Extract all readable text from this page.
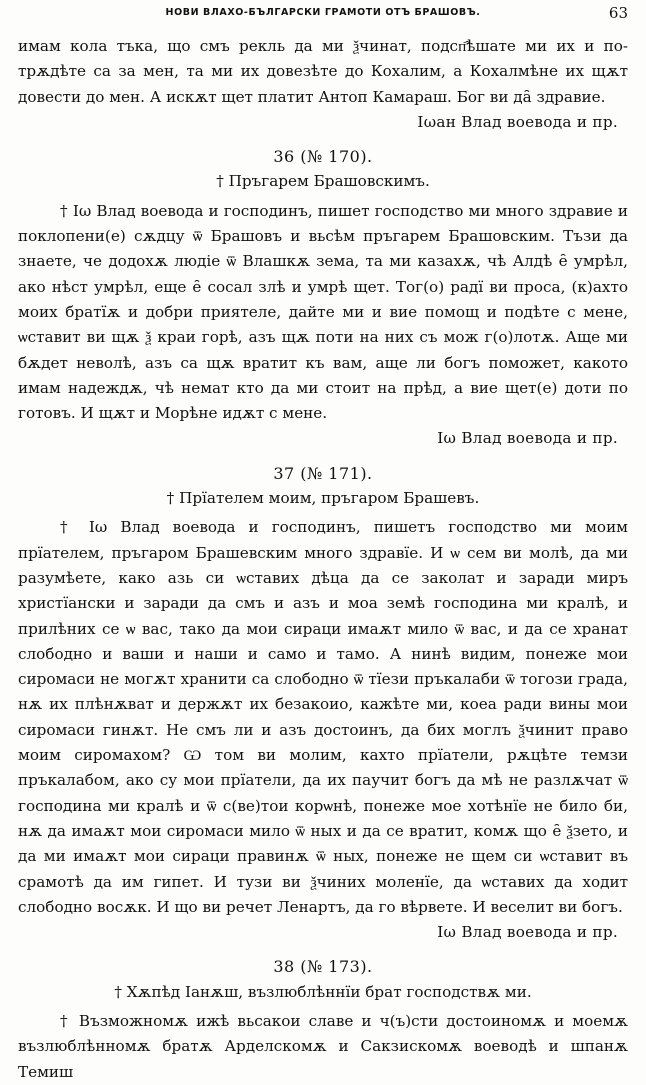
НОВИ ВЛАХО-БЪЛГАРСКИ ГРАМОТИ ОТЪ БРАШОВЪ.	63

имам кола тъка, що смъ рекль да ми ѯчинат, подсп҄ѣшате ми их и по-трѫдѣте са за мен, та ми их довезѣте до Кохалим, а Кохалмѣне их щѫт довести до мен. А искѫт щет платит Антоп Камараш. Бог ви да̑ здравие.

Іωан Влад воевода и пр.

36 (№ 170).

† Пръгарем Брашовскимъ.

† Іω Влад воевода и господинъ, пишет господство ми много здравие и поклопени(е) сѫдцу ѿ Брашовъ и вьсѣм пръгарем Брашовским. Тъзи да знаете, че додохѫ людіе ѿ Влашкѫ зема, та ми казахѫ, чѣ Алдѣ е̑ умрѣл, ако нѣст умрѣл, еще е̑ сосал злѣ и умрѣ щет. Тог(о) радї ви проса, (к)ахто моих братїѫ и добри приятеле, дайте ми и вие помощ и подѣте с мене, ѡставит ви щѫ ѯ краи горѣ, азъ щѫ поти на них съ мож г(о)лотѫ. Аще ми бѫдет неволѣ, азъ са щѫ вратит къ вам, аще ли богъ поможет, какото имам надеждѫ, чѣ немат кто да ми стоит на прѣд, а вие щет(е) доти по готовъ. И щѫт и Морѣне идѫт с мене.

Іω Влад воевода и пр.

37 (№ 171).

† Прїателем моим, пръгаром Брашевъ.

† Іω Влад воевода и господинъ, пишетъ господство ми моим прїателем, пръгаром Брашевским много здравїе. И ѡ сем ви молѣ, да ми разумѣете, како азь си ѡставих дѣца да се заколат и заради миръ христїански и заради да смъ и азъ и моа земѣ господина ми кралѣ, и прилѣних се ѡ вас, тако да мои сираци имаѫт мило ѿ вас, и да се хранат слободно и ваши и наши и само и тамо. А нинѣ видим, понеже мои сиромаси не могѫт хранити са слободно ѿ тїези пръкалаби ѿ тогози града, нѫ их плѣнѫват и держѫт их безакоио, кажѣте ми, коеа ради вины мои сиромаси гинѫт. Не смъ ли и азъ достоинъ, да бих моглъ ѯчинит право моим сиромахом? Ѡ том ви молим, кахто прїатели, рѫцѣте темзи пръкалабом, ако су мои прїатели, да их паучит богъ да мѣ не разлѫчат ѿ господина ми кралѣ и ѿ с(ве)тои корѡнѣ, понеже мое хотѣнїе не било би, нѫ да имаѫт мои сиромаси мило ѿ ных и да се вратит, комѫ що е̑ ѯзето, и да ми имаѫт мои сираци правинѫ ѿ ных, понеже не щем си ѡставит въ срамотѣ да им гипет. И тузи ви ѯчиних моленїе, да ѡставих да ходит слободно восѫк. И що ви речет Ленартъ, да го вѣрвете. И веселит ви богъ.

Іω Влад воевода и пр.

38 (№ 173).

† Хѫпѣд Іанѫш, възлюблѣннїи брат господствѫ ми.

† Възможномѫ ижѣ вьсакои славе и ч(ъ)сти достоиномѫ и моемѫ възлюблѣнномѫ братѫ Арделскомѫ и Сакзискомѫ воеводѣ и шпанѫ Темиш
